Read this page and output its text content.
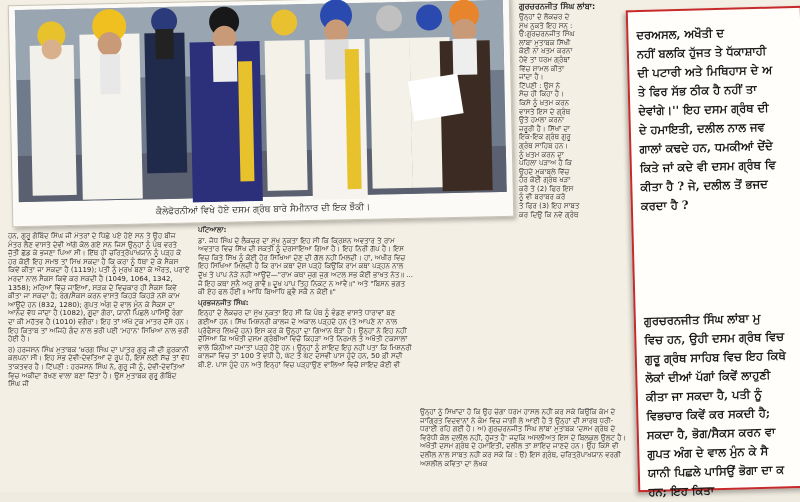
ਕੈਲੇਫੋਰਨੀਆਂ ਵਿਖੇ ਹੋਏ ਦਸਮ ਗ੍ਰੰਥ ਬਾਰੇ ਸੈਮੀਨਾਰ ਦੀ ਇਕ ਝੌਕੀ।
ਗੁਰਚਰਨਜੀਤ ਸਿੰਘ ਲਾਂਬਾ:
ਉਨ੍ਹਾਂ ਦੇ ਲੈਕਚਰ ਦੇ
ਮੁੱਖ ਨੁਕਤੇ ਇਹ ਸਨ :
ੳ:ਗੁਰਚਰਨਜੀਤ ਸਿੰਘ
ਲਾਂਬਾ ਮੁਤਾਬਕ ਸਿੱਖੀ
ਕੋਈ ਨਾ ਖ਼ਤਮ ਕਰਨਾ
ਹੋਵੇ ਤਾਂ ਧਰਮ ਗ੍ਰੰਥਾਂ
ਵਿੱਚ ਸ਼ਾਮਲ ਕੀਤਾ
ਜਾਂਦਾ ਹੈ।
ਟਿੱਪਣੀ : ਉਸ ਨੇ
ਸੋਚ ਹੀ ਕਿਹਾ ਹੈ।
ਕਿਸੇ ਨੂੰ ਖ਼ਤਮ ਕਰਨ
ਵਾਸਤੇ ਇਸ ਦੇ ਗ੍ਰੰਥ
ਉਤੇ ਹਮਲਾ ਕਰਨਾ
ਜ਼ਰੂਰੀ ਹੈ। ਸਿੱਖਾਂ ਦਾ
ਇਕ-ਇਕ ਗ੍ਰੰਥ ਗੁਰੂ
ਗ੍ਰੰਥ ਸਾਹਿਬ ਹਨ।
ਨੂੰ ਖ਼ਤਮ ਕਰਨ ਦਾ
ਪਹਿਲਾ ਪੜਾਅ ਹੈ ਕਿ
ਉਹਦੇ ਮੁਕਾਬਲੇ ਵਿੱਚ
ਹੋਰ ਕੋਈ ਗ੍ਰੰਥ ਖੜਾ
ਕਰੋ ਤੇ (2) ਫਿਰ ਇਸ
ਨੂੰ ਵੀ ਬਰਾਬਰ ਕਰੋ
ਤੇ ਫਿਰ (3) ਇਹ ਸਾਬਤ
ਕਰ ਦਿਉ ਕਿ ਨਵੇਂ ਗ੍ਰੰਥ

ਹਨ, ਗੁਰੂ ਗੋਬਿੰਦ ਸਿੰਘ ਜੀ ਮੰਤਰਾਂ ਦੇ ਪਿੱਛੇ ਪਏ ਹੋਏ ਸਨ ਤੇ ਉਹ ਬੀਜ ਮੰਤਰ ਲੈਣ ਵਾਸਤੇ ਦੇਵੀ ਅੱਗੇ ਕੋਲ ਗਏ ਸਨ ਜਿਸ ਉਨ੍ਹਾਂ ਨੂੰ ਪੰਥ ਵਰਤੇ ਜੁੱਤੀ ਛੱਡ ਕੇ ਭਜਣਾ ਪਿਆ ਸੀ। ਇੱਥ ਹੀ ਚਰਿਤ੍ਰੋਪਾਖਯਾਨ ਨੂੰ ਪੜ੍ਹ ਕੇ ਹਰ ਕੋਈ ਇਹ ਸਮਝ ਤਾਂ ਸਿਖ ਸਕਦਾ ਹੈ ਕਿ ਕਰਾ ਨੂੰ ਧੱਥਾ ਦੇ ਕੇ ਸੈਕਸ ਕਿਵੇਂ ਕੀਤਾ ਜਾ ਸਕਦਾ ਹੈ (1119); ਪਤੀ ਨੂੰ ਮੁਰਖ ਬਣਾ ਕੇ ਔਰਤ, ਪਰਾਏ ਮਰਦਾਂ ਨਾਲ ਸੈਕਸ ਕਿਵੇਂ ਕਰ ਸਕਦੀ ਹੈ (1049, 1064, 1342, 1358); ਮਰਿਆਂ ਵਿੱਚ ਜਾਇਆਂ, ਸੜਕ ਦੇ ਵਿਚਕਾਰ ਹੀ ਸੈਕਸ ਕਿਵੇਂ ਕੀਤਾ ਜਾ ਸਕਦਾ ਹੈ; ਰੰਗ/ਸੈਕਸ ਕਰਨ ਵਾਸਤੇ ਕਿਹੜੇ ਕਿਹੜੇ ਨਸ਼ੇ ਕਾਮ ਆਉਂਦੇ ਹਨ (832, 1280); ਗੁਪਤ ਅੰਗ ਦੇ ਵਾਲ ਮੁੰਨ ਕੇ ਸੈਕਸ ਦਾ ਆਨੰਦ ਵੱਧ ਜਾਂਦਾ ਹੈ (1082), ਗੂਦਾ ਗੋਰਾ, ਯਾਨੀ ਪਿਛਲੇ ਪਾਸਿਉਂ ਰੰਗਾ ਦਾ ਕੀ ਮਹੱਤਵ ਹੈ (1010) ਵਗੈਰਾ। ਇਹ ਤਾਂ ਅੱਖੇ ਟੁਕ ਮਾਤਰ ਦੱਸੇ ਹਨ। ਇਹ ਕਿਤਾਬ ਤਾਂ ਅਜਿਹੇ ਗੰਦ ਨਾਲ ਭਰੀ ਪਈ 'ਮਹਾਨ' ਸਿਖਿਆ ਨਾਲ ਭਰੀ ਹੋਈ ਹੈ।

ਰ) ਹਰਜਸਨ ਸਿੰਘ ਮੁਤਾਬਕ 'ਖ਼ਰਗ ਸਿੰਘ ਦਾ ਪਾਤਰ ਗੁਰੂ ਜੀ ਦੀ ਫ਼ੁਰਕਾਨੀ ਕਲਪਨਾ ਸੀ। ਇਹ ਸਭ ਦੇਵੀ-ਦੇਵਤਿਆਂ ਦੇ ਰੂਪ ਹੈ, ਇਸ ਲਈ ਸੱਚ ਤਾਂ ਵੱਧ ਤਾਕਤਵਰ ਹੈ। ਟਿੱਪਣੀ : ਹਰਜਸਨ ਸਿੰਘ ਨੇ, ਗੁਰੂ ਜੀ ਨੂੰ, ਦੇਵੀ-ਦੇਵਤਿਆਂ ਵਿਚ ਅਕੀਦਾ ਰੱਖਣ ਵਾਲਾ ਬਣਾ ਦਿੱਤਾ ਹੈ। ਉਸ ਮੁਤਾਬਕ ਗੁਰੂ ਗੋਬਿੰਦ ਸਿੰਘ ਜੀ

ਪਟਿਆਲਾ:

ਡਾ. ਜੋਧ ਸਿੰਘ ਦੇ ਲੈਕਚਰ ਦਾ ਮੁੱਖ ਨੁਕਤਾ ਇਹ ਸੀ ਕਿ ਕ੍ਰਿਸ਼ਨ ਅਵਤਾਰ ਤੇ ਰਾਮ ਅਵਤਾਰ ਵਿਚ ਸਿੱਖ ਦੀ ਸ਼ਕਤੀ ਨੂੰ ਦਰਸਾਇਆ ਗਿਆ ਹੈ। ਇਹ ਨਿਰੀ ਗੱਪ ਹੈ। ਇਸ ਵਿਚ ਕਿਤੇ ਸਿੱਖ ਨੂੰ ਕੋਈ ਹੋਰ ਸਿਖਿਆ ਦੇਣ ਦੀ ਗੱਲ ਨਹੀਂ ਮਿਲਦੀ। ਹਾਂ, ਅਖੀਰ ਵਿਚ ਇਹ ਸਿਖਿਆ ਮਿਲਦੀ ਹੈ ਕਿ ਰਾਮ ਕਥਾ ਦੇਸ਼ ਪੜ੍ਹੇ ਕਿਉਂਕਿ ਰਾਮ ਕਥਾ ਪੜ੍ਹਨ ਨਾਲ ਦੁੱਖ ਤੇ ਪਾਪ ਨੇੜੇ ਨਹੀਂ ਆਉਂਦੇ—"ਰਾਮ ਕਥਾ ਜੁਗ ਜੁਗ ਅਟਲ ਸਭ ਕੋਈ ਭਾਖਤ ਨੇਤ॥ ... ਜੋ ਇਹ ਕਥਾ ਸੁਨੈ ਅਰੁ ਗਾਵੈ॥ ਦੂਖ ਪਾਪ ਤਿਹ ਨਿਕਟ ਨ ਆਵੈ॥" ਅਤੇ "ਬਿਸਨ ਭਗਤ ਕੀ ਏਹ ਫਲ ਹੋਈ॥ ਆਧਿ ਬਿਆਧਿ ਛ੍ਵੈ ਸਕੈ ਨ ਕੋਈ॥"

ਪ੍ਰਭਜਨਜੀਤ ਸਿੰਘ:

ਇਨ੍ਹਾਂ ਦੇ ਲੈਕਚਰ ਦਾ ਮੁੱਖ ਨੁਕਤਾ ਇਹ ਸੀ ਕਿ ਪੰਥ ਨੂੰ ਵੰਡਣ ਵਾਸਤੇ ਧਾਰਾਵਾਂ ਬਣ ਗਈਆਂ ਹਨ। ਸਿੱਖ ਮਿਸ਼ਨਰੀ ਕਾਲਜ ਦੇ ਅਕਾਲ ਪੜ੍ਹਦੇ ਹਨ (ਤੇ ਆਪਣੇ ਨਾ ਨਾਲ ਪ੍ਰੋਫੈਸਰ ਲਿਖਦੇ ਹਨ) ਇਸ ਕਰ ਕੇ ਉਨ੍ਹਾਂ ਦਾ ਗਿਆਨ ਥੋੜਾ ਹੈ। ਉਨ੍ਹਾਂ ਨੇ ਇਹ ਨਹੀਂ ਦੱਸਿਆ ਕਿ ਅਖੌਤੀ ਦਸਮ ਗ੍ਰੰਥੀਆਂ ਵਿਚੋਂ ਕਿਹੜਾ ਅਤੇ ਨਿਰਮਲੇ ਤੇ ਅਖੌਤੀ ਟਕਸਾਲਾਂ ਵਾਲੇ ਕਿੰਨੀਆਂ ਜਮਾਤਾਂ ਪੜ੍ਹੇ ਹੋਏ ਹਨ। ਉਨ੍ਹਾਂ ਨੂੰ ਸ਼ਾਇਦ ਇਹ ਨਹੀਂ ਪਤਾ ਕਿ ਮਿਸ਼ਨਰੀ ਕਾਲਜਾਂ ਵਿਚ ਤਾਂ 100 ਤੋਂ ਵਧੀ ਹੈ, ਘੱਟ ਤੋਂ ਘੱਟ ਦਸਵੀਂ ਪਾਸ ਹੁੰਦੇ ਹਨ, 50 ਫ਼ੀ ਸਦੀ ਬੀ.ਏ. ਪਾਸ ਹੁੰਦੇ ਹਨ ਅਤੇ ਇਨ੍ਹਾਂ ਵਿਚ ਪੜ੍ਹਾਉਣ ਵਾਲਿਆਂ ਵਿਚੋਂ ਸ਼ਾਇਦ ਕੋਈ ਵੀ

ਉਨ੍ਹਾਂ ਨੂੰ ਸਿਖਾਂਦਾ ਹੈ ਕਿ ਉਹ ਚੰਗਾ ਧਰਮ ਹਾਸਲ ਨਹੀਂ ਕਰ ਸਕੇ ਕਿਉਂਕਿ ਕੰਮ ਦੇ ਜਾਗ੍ਰਿਤ ਵਿਦਵਾਨਾਂ ਨੇ ਕੰਮ ਵਿਚ ਜਾਗੀ ਲੇ ਆਈ ਹੈ ਤੇ ਉਨ੍ਹਾਂ ਦੀ ਸਾਰਥ ਧਰੀ-ਧਰਾਈ ਰਹਿ ਗਈ ਹੈ। ਅ) ਗੁਰਚਰਨਜੀਤ ਸਿੰਘ ਲਾਂਬਾ ਮੁਤਾਬਕ 'ਦਸਮ ਗ੍ਰੰਥ ਦੇ ਵਿਰੋਧੀ ਕੋਲ ਦਲੀਲ ਨਹੀਂ, ਹੁੱਜਤ ਹੈ' ਜਦਕਿ ਅਸਲੀਅਤ ਇਸ ਦੇ ਬਿਲਕੁਲ ਉਲਟ ਹੈ। ਅਖੌਤੀ ਦਸਮ ਗ੍ਰੰਥ ਦੇ ਹਮਾਇਤੀ, ਦਲੀਲ ਤਾਂ ਸ਼ਾਇਦ ਜਾਣਦੇ ਹਨ। ਉਹ ਕਿਸੇ ਵੀ ਦਲੀਲ ਨਾਲ ਸਾਬਤ ਨਹੀਂ ਕਰ ਸਕੇ ਕਿ : ੳ) ਇਸ ਗ੍ਰੰਥ, ਚਰਿਤ੍ਰੋਪਾਖਯਾਨ ਵਰਗੀ ਅਸ਼ਲੀਲ ਕਵਿਤਾ ਦਾ ਲੇਖਕ

ਦਰਅਸਲ, ਅਖੌਤੀ ਦ
ਨਹੀਂ ਬਲਕਿ ਹੁੱਜਤ ਤੇ ਧੱਕਾਸ਼ਾਹੀ
ਦੀ ਪਟਾਰੀ ਅਤੇ ਮਿਥਿਹਾਸ ਦੇ ਅ
ਤੇ ਫਿਰ ਸੱਭ ਠੀਕ ਹੈ ਨਹੀਂ ਤਾ
ਦੇਵਾਂਗੇ।'' ਇਹ ਦਸਮ ਗ੍ਰੰਥ ਦੀ
ਦੇ ਹਮਾਇਤੀ, ਦਲੀਲ ਨਾਲ ਜਵ
ਗਾਲਾਂ ਕਢਦੇ ਹਨ, ਧਮਕੀਆਂ ਦੇਂਦੇ
ਕਿਤੇ ਜਾਂ ਕਦੇ ਵੀ ਦਸਮ ਗ੍ਰੰਥ ਵਿ
ਕੀਤਾ ਹੈ ? ਜੇ, ਦਲੀਲ ਤੋਂ ਭਜਦ
ਕਰਦਾ ਹੈ ?
ਗੁਰਚਰਨਜੀਤ ਸਿੰਘ ਲਾਂਬਾ ਮੁ
ਵਿਚ ਹਨ, ਉਹੀ ਦਸਮ ਗ੍ਰੰਥ ਵਿਚ
ਗੁਰੂ ਗ੍ਰੰਥ ਸਾਹਿਬ ਵਿਚ ਇਹ ਕਿਥੇ
ਲੋਕਾਂ ਦੀਆਂ ਪੱਗਾਂ ਕਿਵੇਂ ਲਾਹੁਣੀ
ਕੀਤਾ ਜਾ ਸਕਦਾ ਹੈ, ਪਤੀ ਨੂੰ
ਵਿਭਚਾਰ ਕਿਵੇਂ ਕਰ ਸਕਦੀ ਹੈ;
ਸਕਦਾ ਹੈ, ਭੋਗ/ਸੈਕਸ ਕਰਨ ਵਾ
ਗੁਪਤ ਅੰਗ ਦੇ ਵਾਲ ਮੁੰਨ ਕੇ ਸੈ
ਯਾਨੀ ਪਿਛਲੇ ਪਾਸਿਉਂ ਭੋਗਾ ਦਾ ਕ
ਹਨ; ਇਹ ਕਿਤਾ
